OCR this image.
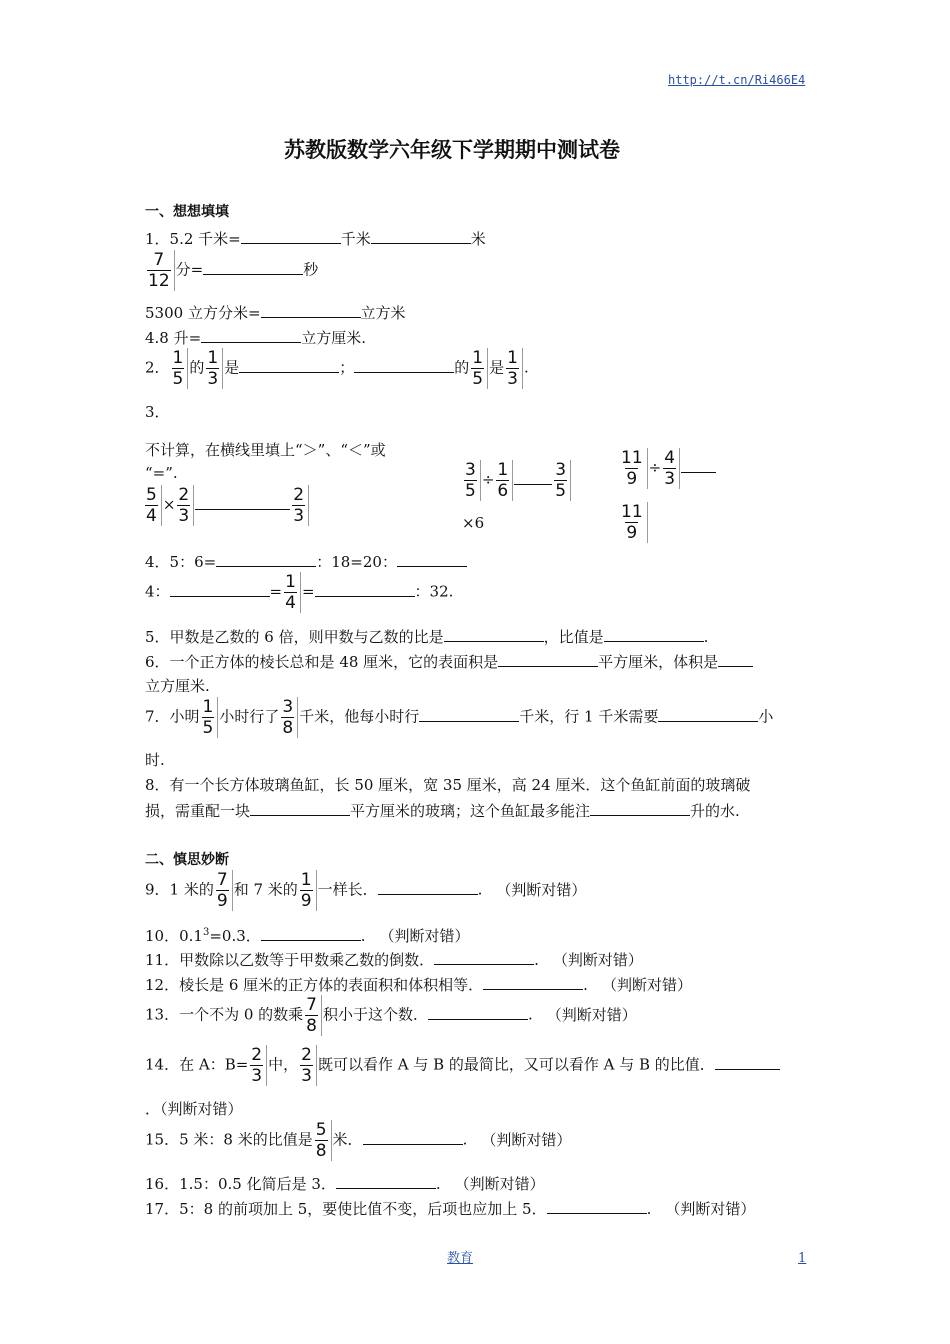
http://t.cn/Ri466E4
苏教版数学六年级下学期期中测试卷
一、想想填填
1．5.2 千米=	千米	米
$\frac{7}{12}$ 分=	秒
5300 立方分米=	立方米
4.8 升=	立方厘米.
2． $\frac{1}{5}$ 的 $\frac{1}{3}$ 是	；	的 $\frac{1}{5}$ 是 $\frac{1}{3}$ .
3．
不计算，在横线里填上“＞”、“＜”或
“=”.
$\frac{5}{4} \times \frac{2}{3}$	$\frac{2}{3}$
$\frac{3}{5} \div \frac{1}{6} \frac{3}{5}$
×6
$\frac{11}{9} \div \frac{4}{3}$
$\frac{11}{9}$
4．5：6=	：18=20：
4：	= $\frac{1}{4}$ =	：32.
5．甲数是乙数的 6 倍，则甲数与乙数的比是	，比值是	.
6．一个正方体的棱长总和是 48 厘米，它的表面积是	平方厘米，体积是
立方厘米.
7．小明 $\frac{1}{5}$ 小时行了 $\frac{3}{8}$ 千米，他每小时行	千米，行 1 千米需要	小
时.
8．有一个长方体玻璃鱼缸，长 50 厘米，宽 35 厘米，高 24 厘米．这个鱼缸前面的玻璃破
损，需重配一块	平方厘米的玻璃；这个鱼缸最多能注	升的水.
二、慎思妙断
9．1 米的 $\frac{7}{9}$ 和 7 米的 $\frac{1}{9}$ 一样长．	. （判断对错）
10．$0.1^3=0.3$．	. （判断对错）
11．甲数除以乙数等于甲数乘乙数的倒数．	. （判断对错）
12．棱长是 6 厘米的正方体的表面积和体积相等．	. （判断对错）
13．一个不为 0 的数乘 $\frac{7}{8}$ 积小于这个数．	. （判断对错）
14．在 A：$B= \frac{2}{3}$ 中， $\frac{2}{3}$ 既可以看作 A 与 B 的最简比，又可以看作 A 与 B 的比值．
．（判断对错）
15．5 米：8 米的比值是 $\frac{5}{8}$ 米．	. （判断对错）
16．1.5：0.5 化简后是 3．	. （判断对错）
17．5：8 的前项加上 5，要使比值不变，后项也应加上 5．	. （判断对错）
教育	1
